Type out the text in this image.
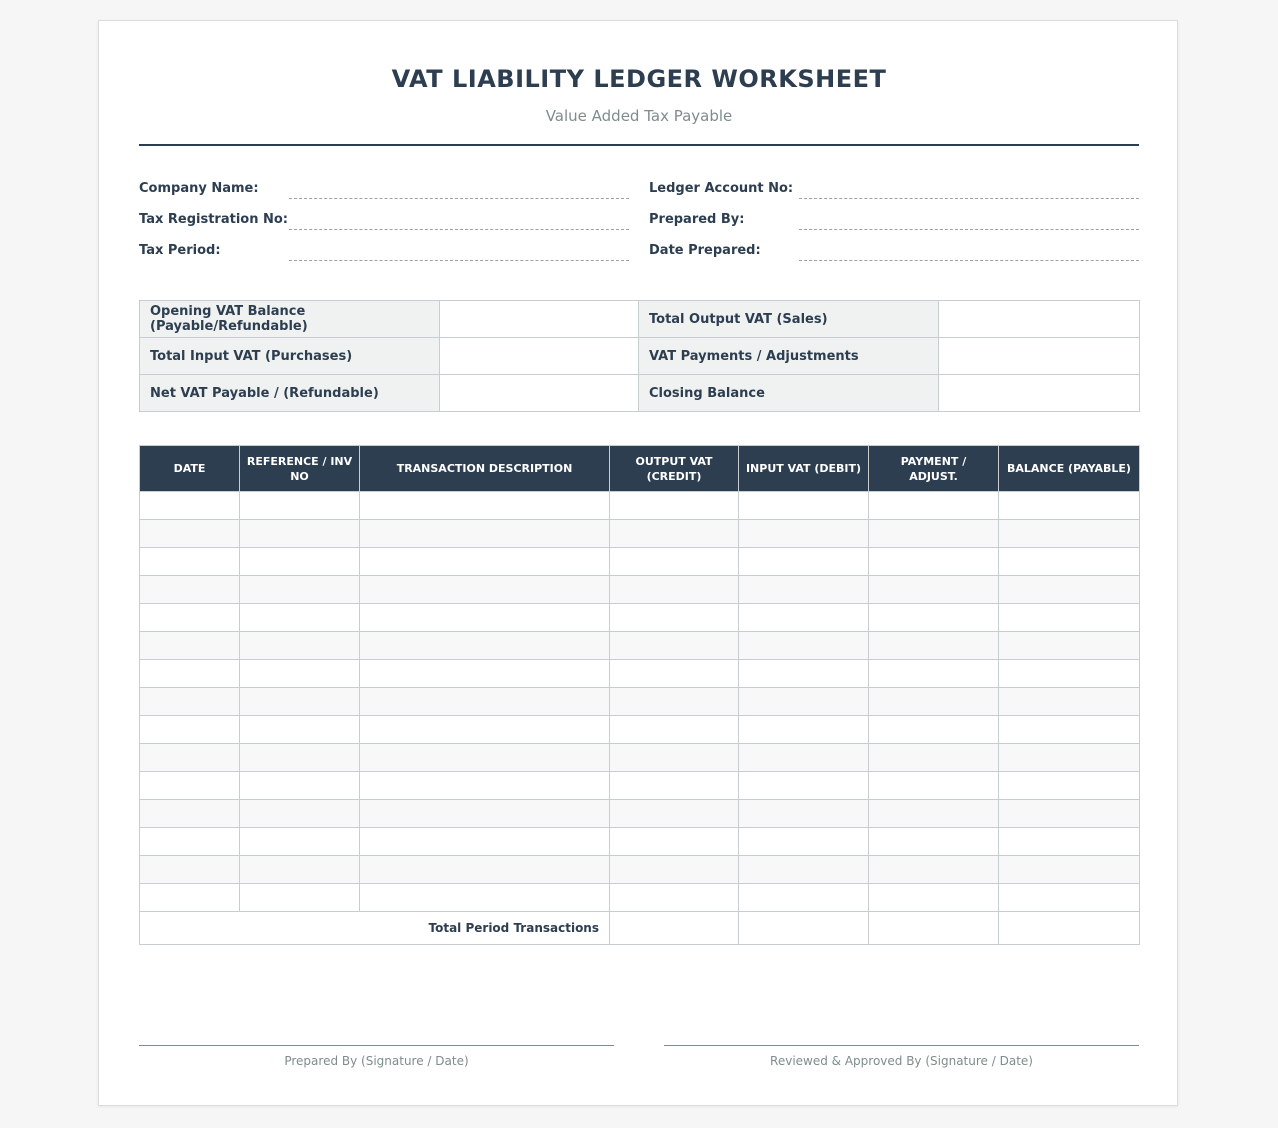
VAT LIABILITY LEDGER WORKSHEET
Value Added Tax Payable
Company Name:	Ledger Account No:
Tax Registration No:	Prepared By:
Tax Period:	Date Prepared:
Opening VAT Balance (Payable/Refundable)		Total Output VAT (Sales)	
Total Input VAT (Purchases)		VAT Payments / Adjustments	
Net VAT Payable / (Refundable)		Closing Balance	
DATE	REFERENCE / INV NO	TRANSACTION DESCRIPTION	OUTPUT VAT (CREDIT)	INPUT VAT (DEBIT)	PAYMENT / ADJUST.	BALANCE (PAYABLE)

Total Period Transactions						
Prepared By (Signature / Date)	Reviewed & Approved By (Signature / Date)
